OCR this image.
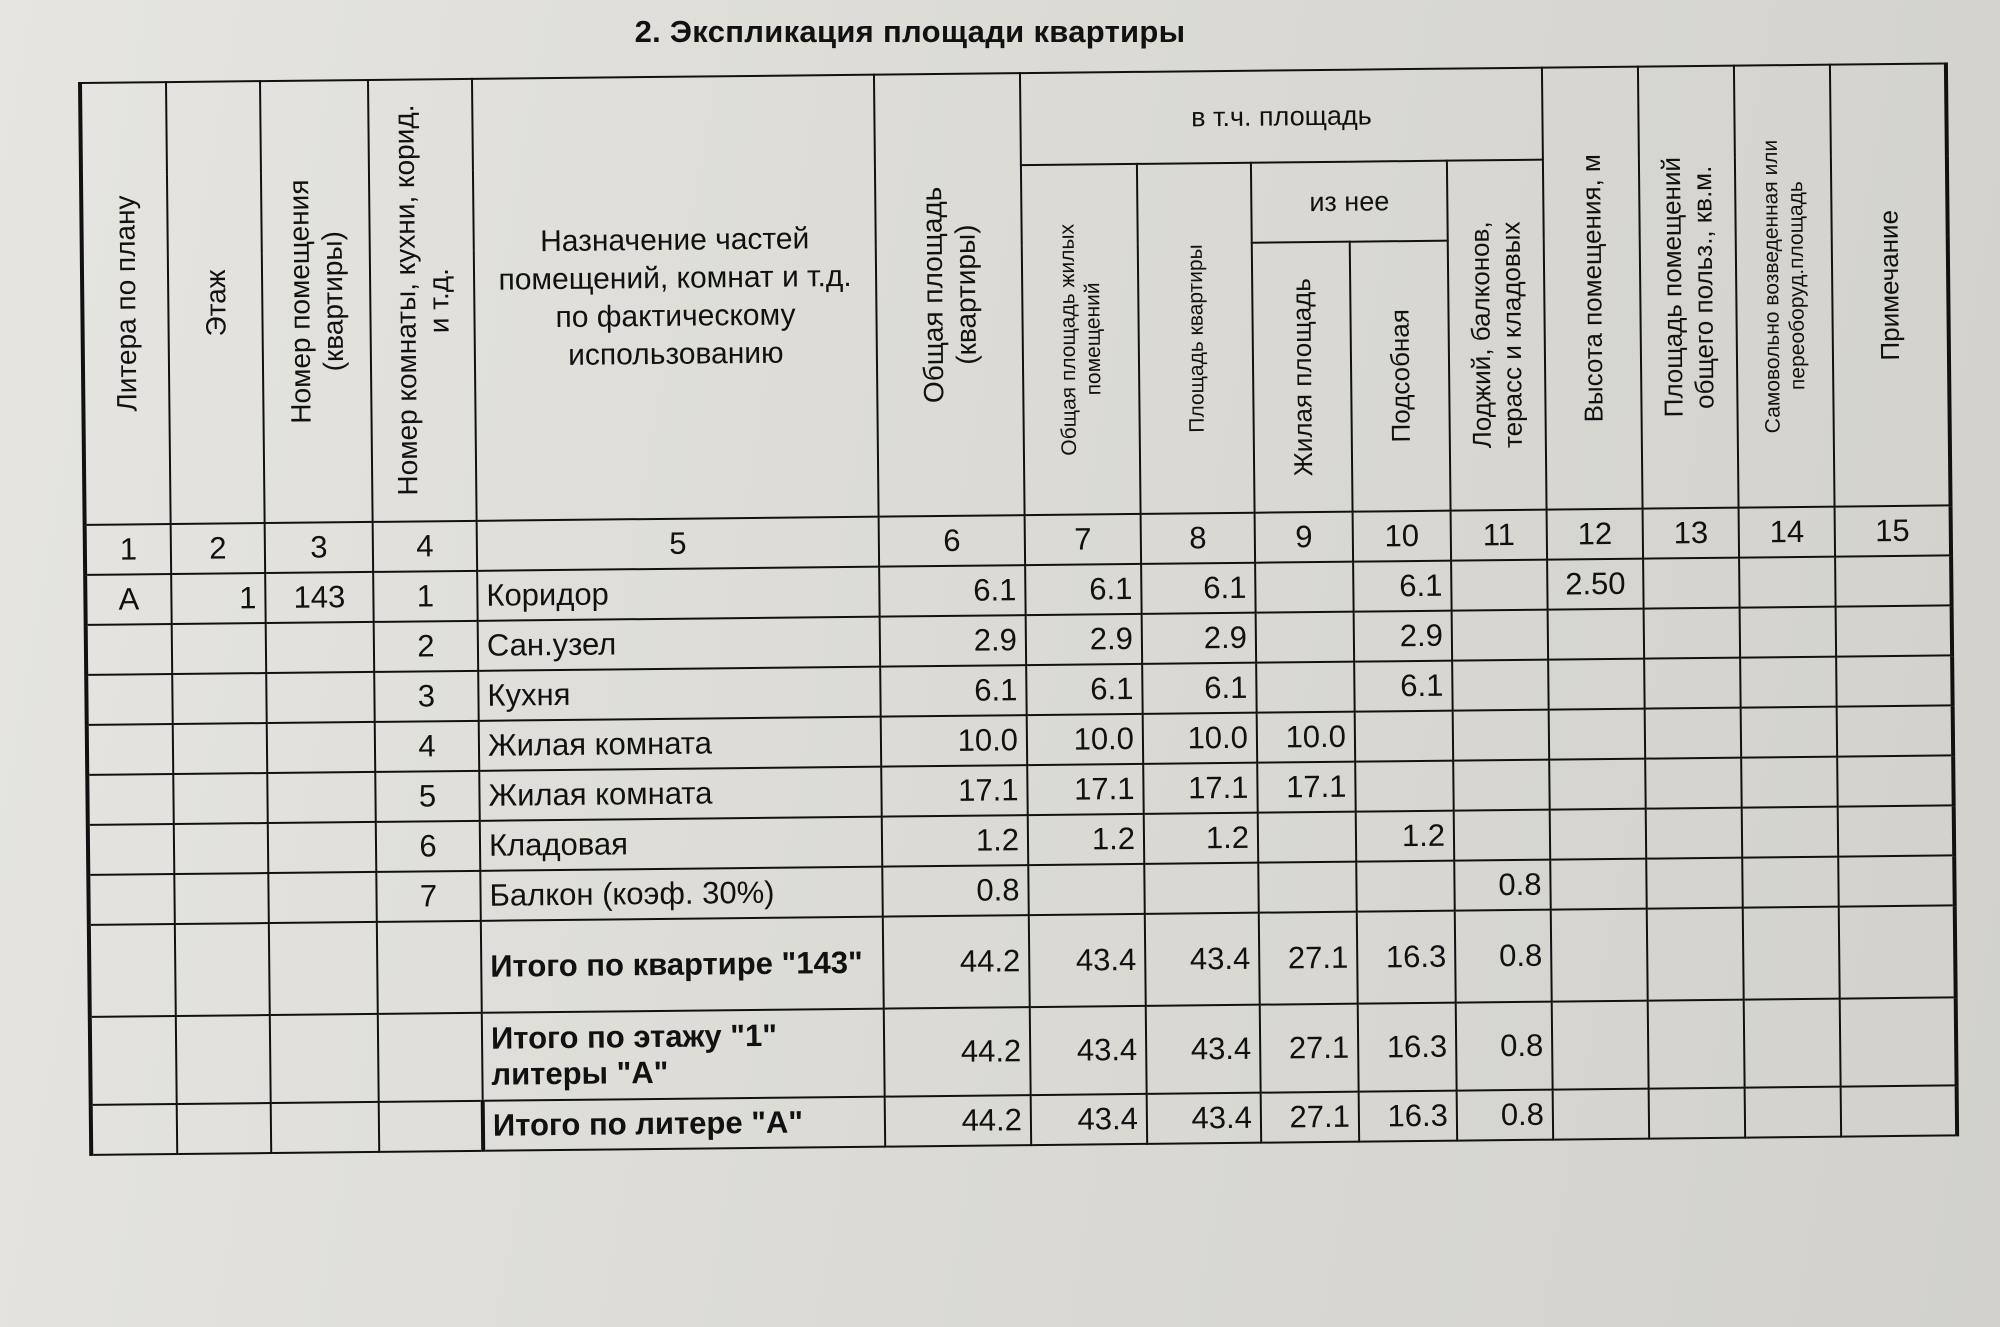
2. Экспликация площади квартиры
Литера по плану	Этаж	Номер помещения (квартиры)	Номер комнаты, кухни, корид. и т.д.	Назначение частей помещений, комнат и т.д. по фактическому использованию	Общая площадь (квартиры)	в т.ч. площадь					Высота помещения, м	Площадь помещений общего польз., кв.м.	Самовольно возведенная или переоборуд.площадь	Примечание

						Общая площадь жилых помещений	Площадь квартиры	из нее		Лоджий, балконов, терасс и кладовых				

								Жилая площадь	Подсобная					

1	2	3	4	5	6	7	8	9	10	11	12	13	14	15
А	1	143	1	Коридор	6.1	6.1	6.1		6.1		2.50			
			2	Сан.узел	2.9	2.9	2.9		2.9					
			3	Кухня	6.1	6.1	6.1		6.1					
			4	Жилая комната	10.0	10.0	10.0	10.0						
			5	Жилая комната	17.1	17.1	17.1	17.1						
			6	Кладовая	1.2	1.2	1.2		1.2					
			7	Балкон (коэф. 30%)	0.8					0.8				
				Итого по квартире "143"	44.2	43.4	43.4	27.1	16.3	0.8				
				Итого по этажу "1" литеры "А"	44.2	43.4	43.4	27.1	16.3	0.8				
				Итого по литере "А"	44.2	43.4	43.4	27.1	16.3	0.8				
